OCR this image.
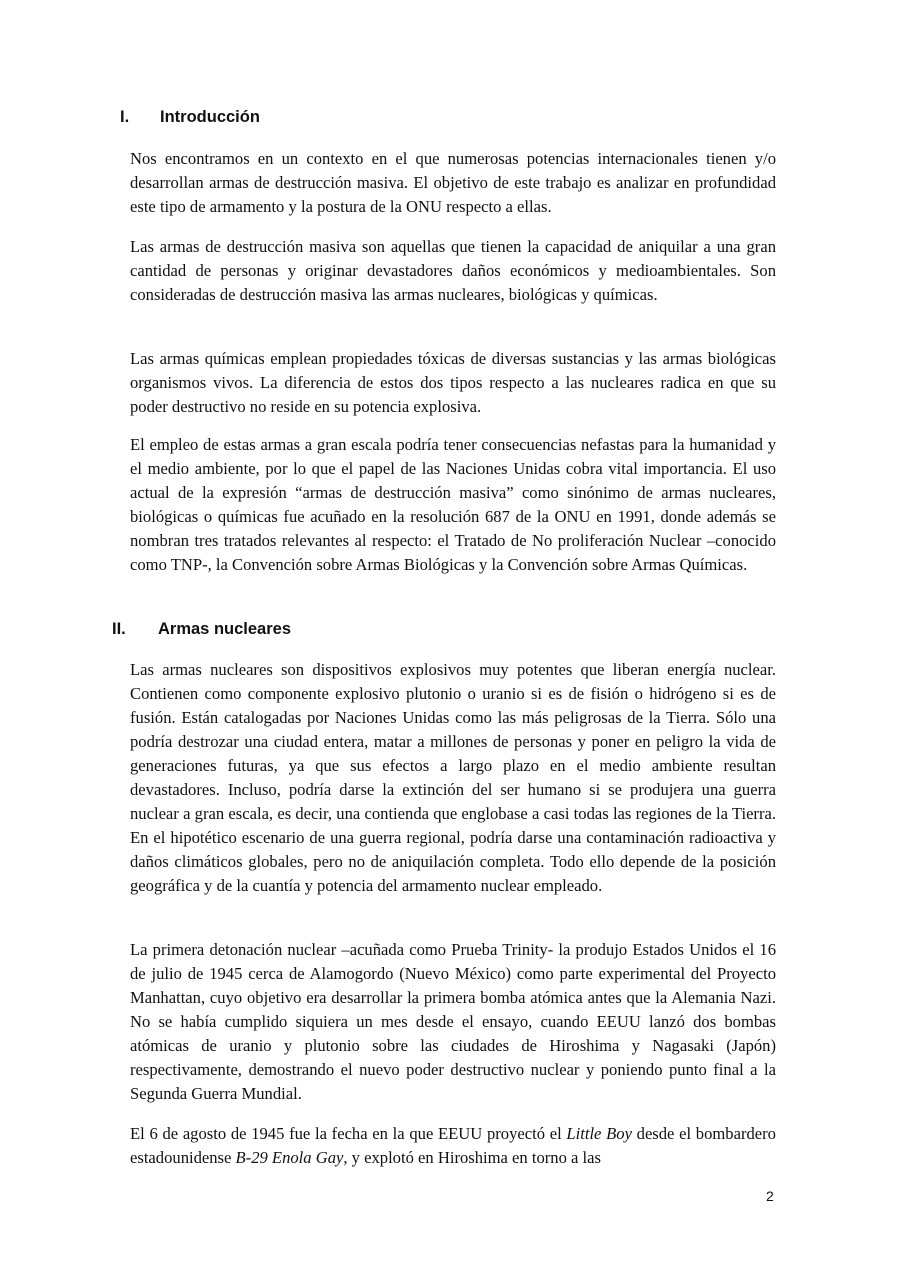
I. Introducción

Nos encontramos en un contexto en el que numerosas potencias internacionales tienen y/o desarrollan armas de destrucción masiva. El objetivo de este trabajo es analizar en profundidad este tipo de armamento y la postura de la ONU respecto a ellas.

Las armas de destrucción masiva son aquellas que tienen la capacidad de aniquilar a una gran cantidad de personas y originar devastadores daños económicos y medioambientales. Son consideradas de destrucción masiva las armas nucleares, biológicas y químicas.

Las armas químicas emplean propiedades tóxicas de diversas sustancias y las armas biológicas organismos vivos. La diferencia de estos dos tipos respecto a las nucleares radica en que su poder destructivo no reside en su potencia explosiva.

El empleo de estas armas a gran escala podría tener consecuencias nefastas para la humanidad y el medio ambiente, por lo que el papel de las Naciones Unidas cobra vital importancia. El uso actual de la expresión “armas de destrucción masiva” como sinónimo de armas nucleares, biológicas o químicas fue acuñado en la resolución 687 de la ONU en 1991, donde además se nombran tres tratados relevantes al respecto: el Tratado de No proliferación Nuclear –conocido como TNP-, la Convención sobre Armas Biológicas y la Convención sobre Armas Químicas.

II. Armas nucleares

Las armas nucleares son dispositivos explosivos muy potentes que liberan energía nuclear. Contienen como componente explosivo plutonio o uranio si es de fisión o hidrógeno si es de fusión. Están catalogadas por Naciones Unidas como las más peligrosas de la Tierra. Sólo una podría destrozar una ciudad entera, matar a millones de personas y poner en peligro la vida de generaciones futuras, ya que sus efectos a largo plazo en el medio ambiente resultan devastadores. Incluso, podría darse la extinción del ser humano si se produjera una guerra nuclear a gran escala, es decir, una contienda que englobase a casi todas las regiones de la Tierra. En el hipotético escenario de una guerra regional, podría darse una contaminación radioactiva y daños climáticos globales, pero no de aniquilación completa. Todo ello depende de la posición geográfica y de la cuantía y potencia del armamento nuclear empleado.

La primera detonación nuclear –acuñada como Prueba Trinity- la produjo Estados Unidos el 16 de julio de 1945 cerca de Alamogordo (Nuevo México) como parte experimental del Proyecto Manhattan, cuyo objetivo era desarrollar la primera bomba atómica antes que la Alemania Nazi. No se había cumplido siquiera un mes desde el ensayo, cuando EEUU lanzó dos bombas atómicas de uranio y plutonio sobre las ciudades de Hiroshima y Nagasaki (Japón) respectivamente, demostrando el nuevo poder destructivo nuclear y poniendo punto final a la Segunda Guerra Mundial.

El 6 de agosto de 1945 fue la fecha en la que EEUU proyectó el Little Boy desde el bombardero estadounidense B-29 Enola Gay, y explotó en Hiroshima en torno a las

2
